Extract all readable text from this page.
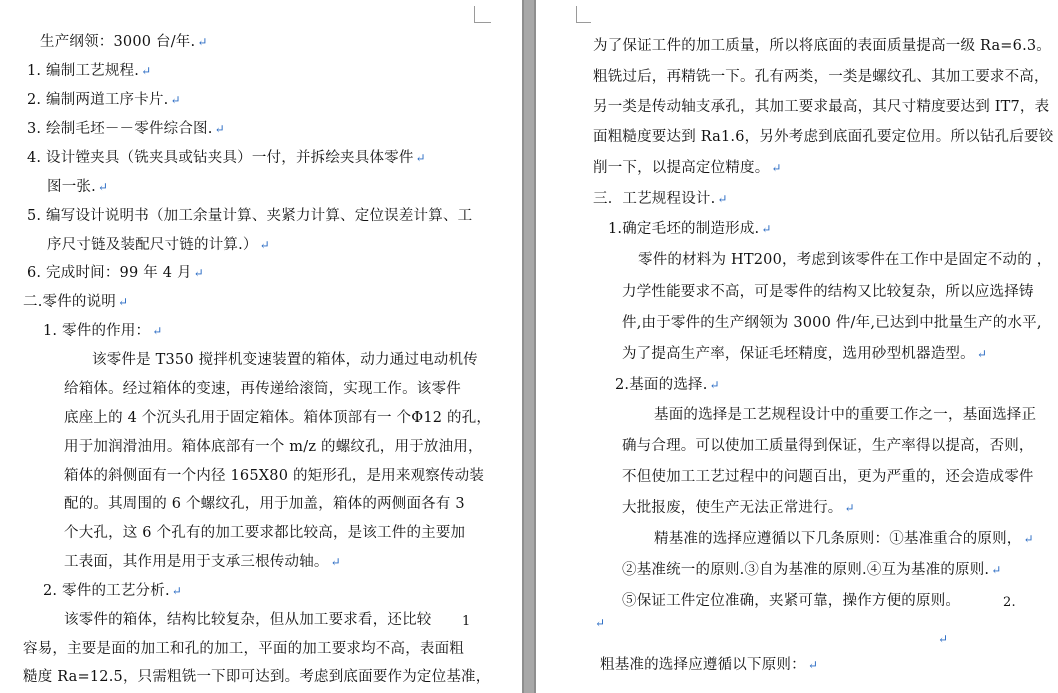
生产纲领：3000 台/年. ↵
1. 编制工艺规程. ↵
2. 编制两道工序卡片. ↵
3. 绘制毛坯－－零件综合图. ↵
4. 设计镗夹具（铣夹具或钻夹具）一付，并拆绘夹具体零件 ↵
图一张. ↵
5. 编写设计说明书（加工余量计算、夹紧力计算、定位误差计算、工
序尺寸链及装配尺寸链的计算.） ↵
6. 完成时间：99 年 4 月 ↵
二.零件的说明 ↵
1. 零件的作用： ↵
该零件是 T350 搅拌机变速装置的箱体，动力通过电动机传
给箱体。经过箱体的变速，再传递给滚筒，实现工作。该零件
底座上的 4 个沉头孔用于固定箱体。箱体顶部有一 个Φ12 的孔，
用于加润滑油用。箱体底部有一个 m/z 的螺纹孔，用于放油用，
箱体的斜侧面有一个内径 165X80 的矩形孔，是用来观察传动装
配的。其周围的 6 个螺纹孔，用于加盖，箱体的两侧面各有 3
个大孔，这 6 个孔有的加工要求都比较高，是该工件的主要加
工表面，其作用是用于支承三根传动轴。 ↵
2. 零件的工艺分析. ↵
该零件的箱体，结构比较复杂，但从加工要求看，还比较 1
容易，主要是面的加工和孔的加工，平面的加工要求均不高，表面粗
糙度 Ra=12.5，只需粗铣一下即可达到。考虑到底面要作为定位基准，
为了保证工件的加工质量，所以将底面的表面质量提高一级 Ra=6.3。
粗铣过后，再精铣一下。孔有两类，一类是螺纹孔、其加工要求不高，
另一类是传动轴支承孔，其加工要求最高，其尺寸精度要达到 IT7，表
面粗糙度要达到 Ra1.6，另外考虑到底面孔要定位用。所以钻孔后要铰
削一下，以提高定位精度。 ↵
三．工艺规程设计. ↵
1.确定毛坯的制造形成. ↵
零件的材料为 HT200，考虑到该零件在工作中是固定不动的 ，
力学性能要求不高，可是零件的结构又比较复杂，所以应选择铸
件,由于零件的生产纲领为 3000 件/年,已达到中批量生产的水平,
为了提高生产率，保证毛坯精度，选用砂型机器造型。 ↵
2.基面的选择. ↵
基面的选择是工艺规程设计中的重要工作之一，基面选择正
确与合理。可以使加工质量得到保证，生产率得以提高，否则，
不但使加工工艺过程中的问题百出，更为严重的，还会造成零件
大批报废，使生产无法正常进行。 ↵
精基准的选择应遵循以下几条原则：①基准重合的原则， ↵
②基准统一的原则.③自为基准的原则.④互为基准的原则. ↵
⑤保证工件定位准确，夹紧可靠，操作方便的原则。	2.
↵
↵
粗基准的选择应遵循以下原则： ↵
